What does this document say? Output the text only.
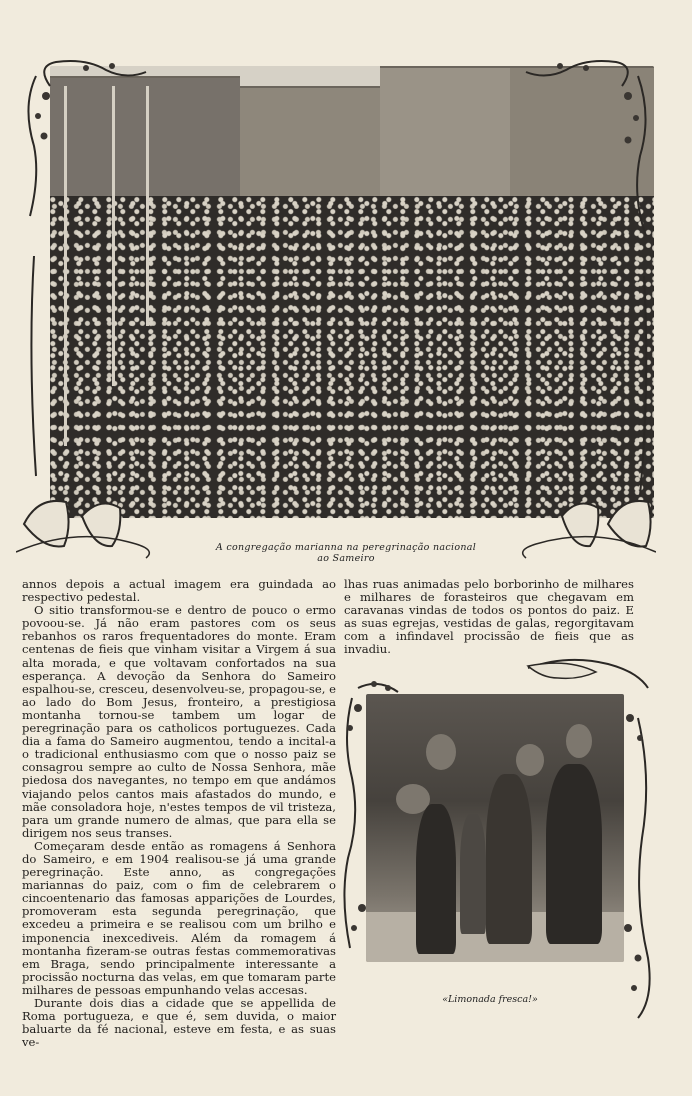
A congregação marianna na peregrinação nacional
ao Sameiro

annos depois a actual imagem era guindada ao respectivo pedestal.

O sitio transformou-se e dentro de pouco o ermo povoou-se. Já não eram pastores com os seus rebanhos os raros frequentadores do monte. Eram centenas de fieis que vinham visitar a Virgem á sua alta morada, e que voltavam confortados na sua esperança. A devoção da Senhora do Sameiro espalhou-se, cresceu, desenvolveu-se, propagou-se, e ao lado do Bom Jesus, fronteiro, a prestigiosa montanha tornou-se tambem um logar de peregrinação para os catholicos portuguezes. Cada dia a fama do Sameiro augmentou, tendo a incital-a o tradicional enthusiasmo com que o nosso paiz se consagrou sempre ao culto de Nossa Senhora, mãe piedosa dos navegantes, no tempo em que andámos viajando pelos cantos mais afastados do mundo, e mãe consoladora hoje, n'estes tempos de vil tristeza, para um grande numero de almas, que para ella se dirigem nos seus transes.

Começaram desde então as romagens á Senhora do Sameiro, e em 1904 realisou-se já uma grande peregrinação. Este anno, as congregações mariannas do paiz, com o fim de celebrarem o cincoentenario das famosas apparições de Lourdes, promoveram esta segunda peregrinação, que excedeu a primeira e se realisou com um brilho e imponencia inexcediveis. Além da romagem á montanha fizeram-se outras festas commemorativas em Braga, sendo principalmente interessante a procissão nocturna das velas, em que tomaram parte milhares de pessoas empunhando velas accesas.

Durante dois dias a cidade que se appellida de Roma portugueza, e que é, sem duvida, o maior baluarte da fé nacional, esteve em festa, e as suas ve-

lhas ruas animadas pelo borborinho de milhares e milhares de forasteiros que chegavam em caravanas vindas de todos os pontos do paiz. E as suas egrejas, vestidas de galas, regorgitavam com a infindavel procissão de fieis que as invadiu.

«Limonada fresca!»
